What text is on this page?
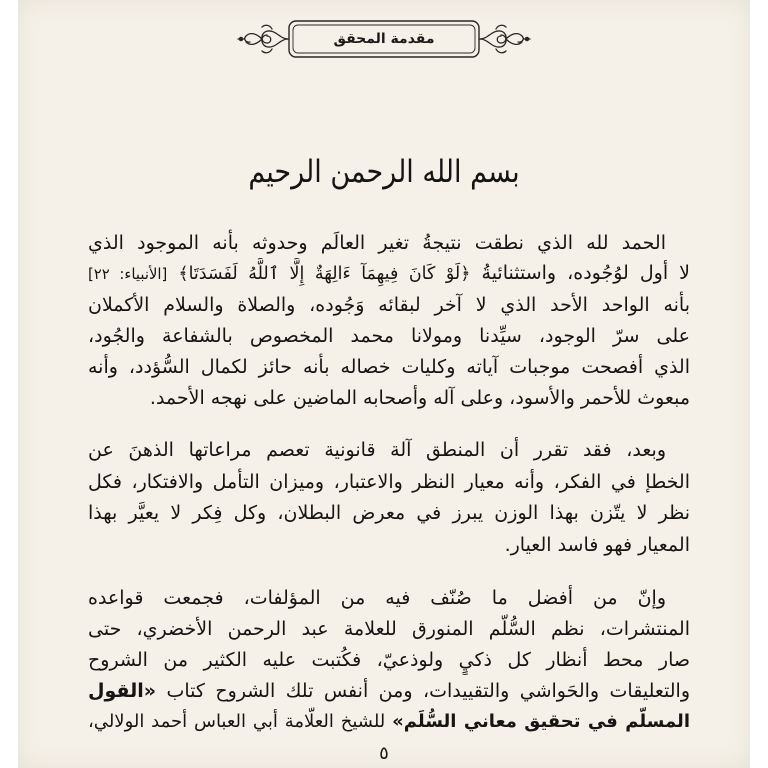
مقدمة المحقق
بسم الله الرحمن الرحيم
الحمد لله الذي نطقت نتيجةُ تغير العالَم وحدوثه بأنه الموجود الذي
لا أول لوُجُوده، واستثنائيةُ ﴿لَوْ كَانَ فِيهِمَآ ءَالِهَةٌ إِلَّا ٱللَّهُ لَفَسَدَتَا﴾ [الأنبياء: ٢٢]
بأنه الواحد الأحد الذي لا آخر لبقائه وَجُوده، والصلاة والسلام الأكملان
على سرّ الوجود، سيِّدنا ومولانا محمد المخصوص بالشفاعة والجُود،
الذي أفصحت موجبات آياته وكليات خصاله بأنه حائز لكمال السُّؤدد، وأنه
مبعوث للأحمر والأسود، وعلى آله وأصحابه الماضين على نهجه الأحمد.
وبعد، فقد تقرر أن المنطق آلة قانونية تعصم مراعاتها الذهنَ عن
الخطإ في الفكر، وأنه معيار النظر والاعتبار، وميزان التأمل والافتكار، فكل
نظر لا يتّزن بهذا الوزن يبرز في معرض البطلان، وكل فِكر لا يعيَّر بهذا
المعيار فهو فاسد العيار.
وإنّ من أفضل ما صُنّف فيه من المؤلفات، فجمعت قواعده
المنتشرات، نظم السُّلَّم المنورق للعلامة عبد الرحمن الأخضري، حتى
صار محط أنظار كل ذكيٍ ولوذعيّ، فكُتبت عليه الكثير من الشروح
والتعليقات والحَواشي والتقييدات، ومن أنفس تلك الشروح كتاب «القول
المسلَّم في تحقيق معاني السُّلَم» للشيخ العلَّامة أبي العباس أحمد الولالي،
٥
